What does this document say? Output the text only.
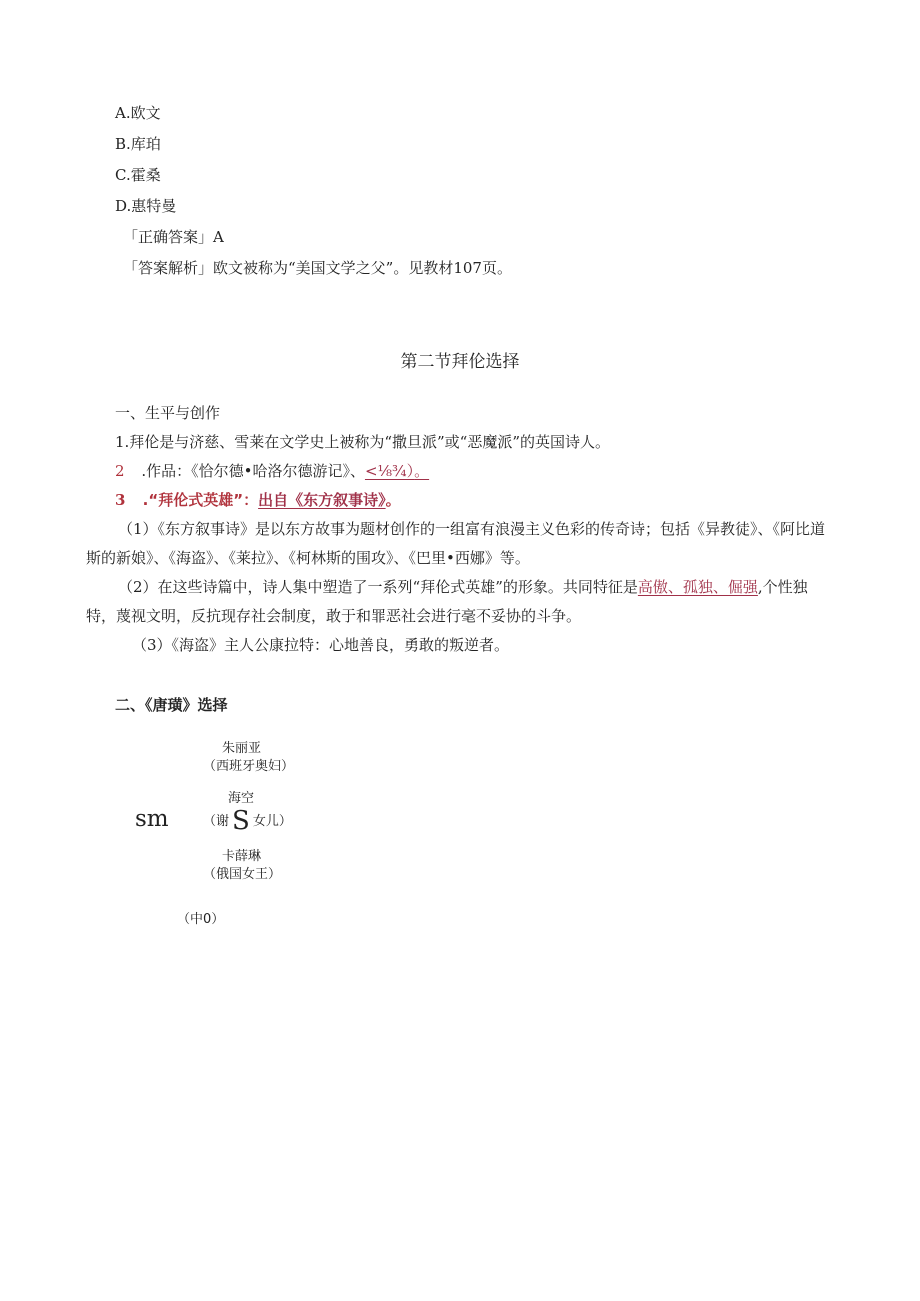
A.欧文
B.库珀
C.霍桑
D.惠特曼
「正确答案」A
「答案解析」欧文被称为“美国文学之父”。见教材107页。
第二节拜伦选择
一、生平与创作
1.拜伦是与济慈、雪莱在文学史上被称为“撒旦派”或“恶魔派”的英国诗人。
2 .作品：《恰尔德•哈洛尔德游记》、<⅛¾）。
3 .“拜伦式英雄”：出自《东方叙事诗》。
（1）《东方叙事诗》是以东方故事为题材创作的一组富有浪漫主义色彩的传奇诗；包括《异教徒》、《阿比道斯的新娘》、《海盗》、《莱拉》、《柯林斯的围攻》、《巴里•西娜》等。
（2）在这些诗篇中，诗人集中塑造了一系列“拜伦式英雄”的形象。共同特征是高傲、孤独、倔强,个性独特，蔑视文明，反抗现存社会制度，敢于和罪恶社会进行毫不妥协的斗争。
（3）《海盗》主人公康拉特：心地善良，勇敢的叛逆者。
二、《唐璜》选择
sm
朱丽亚
（西班牙奥妇）
海空
（谢 S 女儿）
卡薛琳
（俄国女王）
（中0）
